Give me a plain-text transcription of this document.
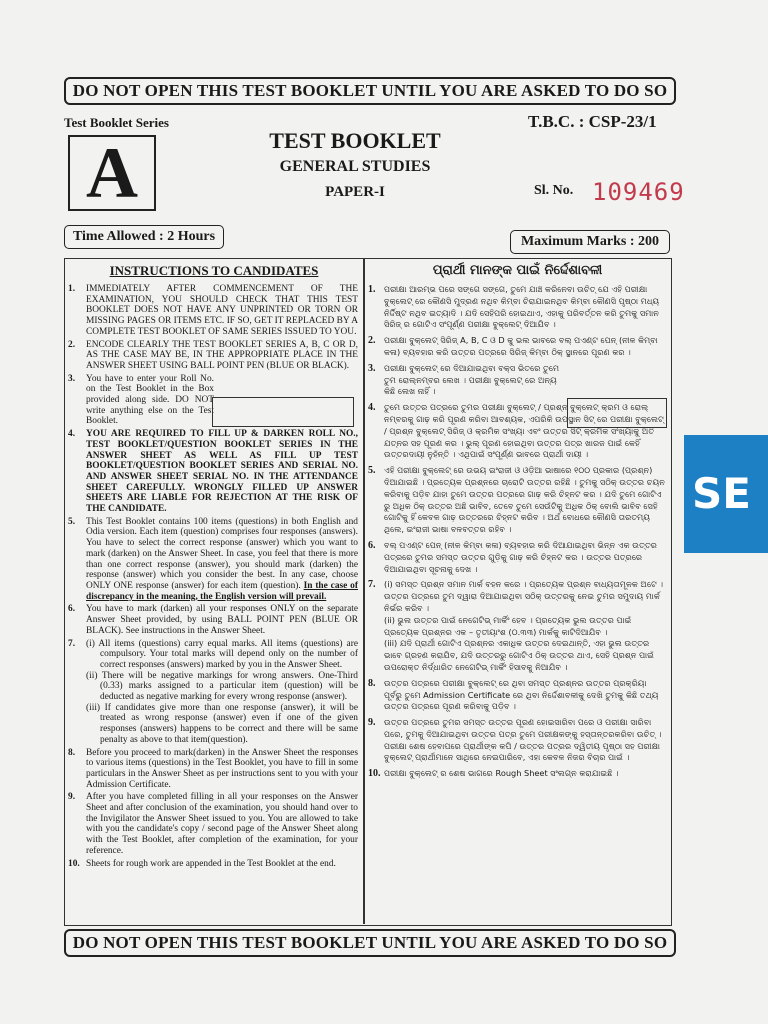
DO NOT OPEN THIS TEST BOOKLET UNTIL YOU ARE ASKED TO DO SO
Test Booklet Series
A	TEST BOOKLET
GENERAL STUDIES
PAPER-I
T.B.C. : CSP-23/1
Sl. No. 109469
Time Allowed : 2 Hours	Maximum Marks : 200
INSTRUCTIONS TO CANDIDATES	ପ୍ରାର୍ଥୀ ମାନଙ୍କ ପାଇଁ ନିର୍ଦ୍ଦେଶାବଳୀ
1. IMMEDIATELY AFTER COMMENCEMENT OF THE EXAMINATION, YOU SHOULD CHECK THAT THIS TEST BOOKLET DOES NOT HAVE ANY UNPRINTED OR TORN OR MISSING PAGES OR ITEMS ETC. IF SO, GET IT REPLACED BY A COMPLETE TEST BOOKLET OF SAME SERIES ISSUED TO YOU.
2. ENCODE CLEARLY THE TEST BOOKLET SERIES A, B, C OR D, AS THE CASE MAY BE, IN THE APPROPRIATE PLACE IN THE ANSWER SHEET USING BALL POINT PEN (BLUE OR BLACK).
3. You have to enter your Roll No. on the Test Booklet in the Box provided along side. DO NOT write anything else on the Test Booklet.
4. YOU ARE REQUIRED TO FILL UP & DARKEN ROLL NO., TEST BOOKLET/QUESTION BOOKLET SERIES IN THE ANSWER SHEET AS WELL AS FILL UP TEST BOOKLET/QUESTION BOOKLET SERIES AND SERIAL NO. AND ANSWER SHEET SERIAL NO. IN THE ATTENDANCE SHEET CAREFULLY. WRONGLY FILLED UP ANSWER SHEETS ARE LIABLE FOR REJECTION AT THE RISK OF THE CANDIDATE.
5. This Test Booklet contains 100 items (questions) in both English and Odia version. Each item (question) comprises four responses (answers). You have to select the correct response (answer) which you want to mark (darken) on the Answer Sheet. In case, you feel that there is more than one correct response (answer), you should mark (darken) the response (answer) which you consider the best. In any case, choose ONLY ONE response (answer) for each item (question). In the case of discrepancy in the meaning, the English version will prevail.
6. You have to mark (darken) all your responses ONLY on the separate Answer Sheet provided, by using BALL POINT PEN (BLUE OR BLACK). See instructions in the Answer Sheet.
7. (i) All items (questions) carry equal marks. All items (questions) are compulsory. Your total marks will depend only on the number of correct responses (answers) marked by you in the Answer Sheet.
(ii) There will be negative markings for wrong answers. One-Third (0.33) marks assigned to a particular item (question) will be deducted as negative marking for every wrong response (answer).
(iii) If candidates give more than one response (answer), it will be treated as wrong response (answer) even if one of the given responses (answers) happens to be correct and there will be same penalty as above to that item(question).
8. Before you proceed to mark(darken) in the Answer Sheet the responses to various items (questions) in the Test Booklet, you have to fill in some particulars in the Answer Sheet as per instructions sent to you with your Admission Certificate.
9. After you have completed filling in all your responses on the Answer Sheet and after conclusion of the examination, you should hand over to the Invigilator the Answer Sheet issued to you. You are allowed to take with you the candidate's copy / second page of the Answer Sheet along with the Test Booklet, after completion of the examination, for your reference.
10. Sheets for rough work are appended in the Test Booklet at the end.
1. ପରୀକ୍ଷା ଆରମ୍ଭ ପରେ ସଙ୍ଗେ ସଙ୍ଗେ, ତୁମେ ଯାଞ୍ଚ କରିନେବା ଉଚିତ୍ ଯେ ଏହି ପରୀକ୍ଷା ବୁକ୍‌ଲେଟ୍ ରେ କୌଣସି ମୁଦ୍ରଣ ନଥିବ କିମ୍ବା ଚିରାଯାଇନଥିବ କିମ୍ବା କୌଣସି ପୃଷ୍ଠା ମଧ୍ୟ ନିର୍ଦ୍ଦିଷ୍ଟ ନଥିବ ଇତ୍ୟାଦି । ଯଦି ସେହିପରି ହୋଇଥାଏ, ଏହାକୁ ପରିବର୍ତ୍ତନ କରି ତୁମକୁ ସମାନ ସିରିଜ୍ ର ଗୋଟିଏ ସଂପୂର୍ଣ୍ଣ ପରୀକ୍ଷା ବୁକ୍‌ଲେଟ୍ ଦିଆଯିବ ।
2. ପରୀକ୍ଷା ବୁକ୍‌ଲେଟ୍ ସିରିଜ୍ A, B, C ଓ D କୁ ଭଲ ଭାବରେ ବଲ୍ ପଏଣ୍ଟ ପେନ୍ (ନୀଳ କିମ୍ବା କଳା) ବ୍ୟବହାର କରି ଉତ୍ତର ପତ୍ରରେ ସିରିଜ୍ କିମ୍ବା ଠିକ୍ ସ୍ଥାନରେ ପୂରଣ କର ।
3. ପରୀକ୍ଷା ବୁକ୍‌ଲେଟ୍ ରେ ଦିଆଯାଇଥିବା ବକ୍ସ ଭିତରେ ତୁମେ ତୁମ ରୋଲ୍‌ନମ୍ବର ଲେଖ । ପରୀକ୍ଷା ବୁକ୍‌ଲେଟ୍ ରେ ଅନ୍ୟ କିଛି ଲେଖ ନାହିଁ ।
4. ତୁମେ ଉତ୍ତର ପତ୍ରରେ ତୁମର ପରୀକ୍ଷା ବୁକ୍‌ଲେଟ୍ / ପ୍ରଶ୍ନ ବୁକ୍‌ଲେଟ୍ କ୍ରମ ଓ ରୋଲ୍ ନମ୍ବରକୁ ଗାଢ଼ କରି ପୂରଣ କରିବା ଆବଶ୍ୟକ, ଏପରିକି ଉପସ୍ଥାନ ସିଟ୍ ରେ ପରୀକ୍ଷା ବୁକ୍‌ଲେଟ୍ / ପ୍ରଶ୍ନ ବୁକ୍‌ଲେଟ୍ ସିରିଜ୍ ଓ କ୍ରମିକ ସଂଖ୍ୟା ଏବଂ ଉତ୍ତର ସିଟ୍ କ୍ରମିକ ସଂଖ୍ୟାକୁ ଅତି ଯତ୍ନର ସହ ପୂରଣ କର । ଭୁଲ୍ ପୂରଣ ହୋଇଥିବା ଉତ୍ତର ପତ୍ର ଖାରଜ ପାଇଁ କେହିଁ ଉତ୍ତରଦାୟୀ ନୁହଁନ୍ତି । ଏଥିପାଇଁ ସଂପୂର୍ଣ୍ଣ ଭାବରେ ପ୍ରାର୍ଥୀ ଦାୟୀ ।
5. ଏହି ପରୀକ୍ଷା ବୁକ୍‌ଲେଟ୍ ରେ ଉଭୟ ଇଂରାଜୀ ଓ ଓଡ଼ିଆ ଭାଷାରେ ୧୦୦ ପ୍ରକାର (ପ୍ରଶ୍ନ) ଦିଆଯାଇଛି । ପ୍ରତ୍ୟେକ ପ୍ରଶ୍ନରେ ଚାରୋଟି ଉତ୍ତର ରହିଛି । ତୁମକୁ ସଠିକ୍ ଉତ୍ତର ଚୟନ କରିବାକୁ ପଡ଼ିବ ଯାହା ତୁମେ ଉତ୍ତର ପତ୍ରରେ ଗାଢ଼ କରି ଚିହ୍ନଟ କର । ଯଦି ତୁମେ ଗୋଟିଏ ରୁ ଅଧିକ ଠିକ୍ ଉତ୍ତର ଅଛି ଭାବିବ, ତେବେ ତୁମେ ସେଉଁଟିକୁ ଅଧିକ ଠିକ୍ ବୋଲି ଭାବିବ ସେହି ଗୋଟିକୁ ହିଁ କେବଳ ଗାଢ଼ ଉତ୍ତରରେ ଚିହ୍ନଟ କରିବ । ଅର୍ଥ ବୋଧରେ କୌଣସି ତାରତମ୍ୟ ଥିଲେ, ଇଂରାଜୀ ଭାଷା ବଳବତ୍ତର ରହିବ ।
6. ବଲ୍ ପଏଣ୍ଟ ପେନ୍ (ନୀଳ କିମ୍ବା କଳା) ବ୍ୟବହାର କରି ଦିଆଯାଇଥିବା ଭିନ୍ନ ଏକ ଉତ୍ତର ପତ୍ରରେ ତୁମର ସମସ୍ତ ଉତ୍ତର ଗୁଡ଼ିକୁ ଗାଢ଼ କରି ଚିହ୍ନଟ କର । ଉତ୍ତର ପତ୍ରରେ ଦିଆଯାଇଥିବା ସୂଚନାକୁ ଦେଖ ।
7. (i) ସମସ୍ତ ପ୍ରଶ୍ନ ସମାନ ମାର୍କ ବହନ କରେ । ପ୍ରତ୍ୟେକ ପ୍ରଶ୍ନ ବାଧ୍ୟତାମୂଳକ ଅଟେ । ଉତ୍ତର ପତ୍ରରେ ତୁମ ଦ୍ୱାରା ଦିଆଯାଇଥିବା ସଠିକ୍ ଉତ୍ତରକୁ ନେଇ ତୁମର ସମୁଦାୟ ମାର୍କ ନିର୍ଭର କରିବ ।
(ii) ଭୁଲ ଉତ୍ତର ପାଇଁ ନେଗେଟିଭ୍ ମାର୍କିଂ ହେବ । ପ୍ରତ୍ୟେକ ଭୁଲ ଉତ୍ତର ପାଇଁ ପ୍ରତ୍ୟେକ ପ୍ରଶ୍ନର ଏକ – ତୃତୀୟାଂଶ (୦.୩୩) ମାର୍କକୁ କାଟିଦିଆଯିବ ।
(iii) ଯଦି ପ୍ରାର୍ଥୀ ଗୋଟିଏ ପ୍ରଶ୍ନର ଏକାଧିକ ଉତ୍ତର ଦେଇଥାନ୍ତି, ଏହା ଭୁଲ ଉତ୍ତର ଭାବେ ଗ୍ରହଣ କରାଯିବ, ଯଦି ଉତ୍ତରରୁ ଗୋଟିଏ ଠିକ୍ ଉତ୍ତର ଥାଏ, ସେହି ପ୍ରଶ୍ନ ପାଇଁ ଉପରୋକ୍ତ ନିର୍ଦ୍ଧାରିତ ନେଗେଟିଭ୍ ମାର୍କିଂ ହିସାବକୁ ନିଆଯିବ ।
8. ଉତ୍ତର ପତ୍ରରେ ପରୀକ୍ଷା ବୁକ୍‌ଲେଟ୍ ରେ ଥିବା ସମସ୍ତ ପ୍ରଶ୍ନର ଉତ୍ତର ପ୍ରକ୍ରିୟା ପୂର୍ବରୁ ତୁମେ Admission Certificate ରେ ଥିବା ନିର୍ଦ୍ଦେଶାବଳୀକୁ ଦେଖି ତୁମକୁ କିଛି ତଥ୍ୟ ଉତ୍ତର ପତ୍ରରେ ପୂରଣ କରିବାକୁ ପଡ଼ିବ ।
9. ଉତ୍ତର ପତ୍ରରେ ତୁମର ସମସ୍ତ ଉତ୍ତର ପୂରଣ ହୋଇସାରିବା ପରେ ଓ ପରୀକ୍ଷା ସାରିବା ପରେ, ତୁମକୁ ଦିଆଯାଇଥିବା ଉତ୍ତର ପତ୍ର ତୁମେ ପରୀକ୍ଷକଙ୍କୁ ହସ୍ତାନ୍ତରକରିବା ଉଚିତ୍ । ପରୀକ୍ଷା ଶେଷ ହେବାପରେ ପ୍ରାର୍ଥୀଙ୍କ କପି / ଉତ୍ତର ପତ୍ରର ଦ୍ୱିତୀୟ ପୃଷ୍ଠା ସହ ପରୀକ୍ଷା ବୁକ୍‌ଲେଟ୍ ପ୍ରାର୍ଥୀମାନେ ସାଥିରେ ନେଇପାରିବେ, ଏହା କେବଳ ନିଜର ବିଚାର ପାଇଁ ।
10. ପରୀକ୍ଷା ବୁକ୍‌ଲେଟ୍ ର ଶେଷ ଭାଗରେ Rough Sheet ସଂଲଗ୍ନ କରାଯାଇଛି ।
DO NOT OPEN THIS TEST BOOKLET UNTIL YOU ARE ASKED TO DO SO
SE
